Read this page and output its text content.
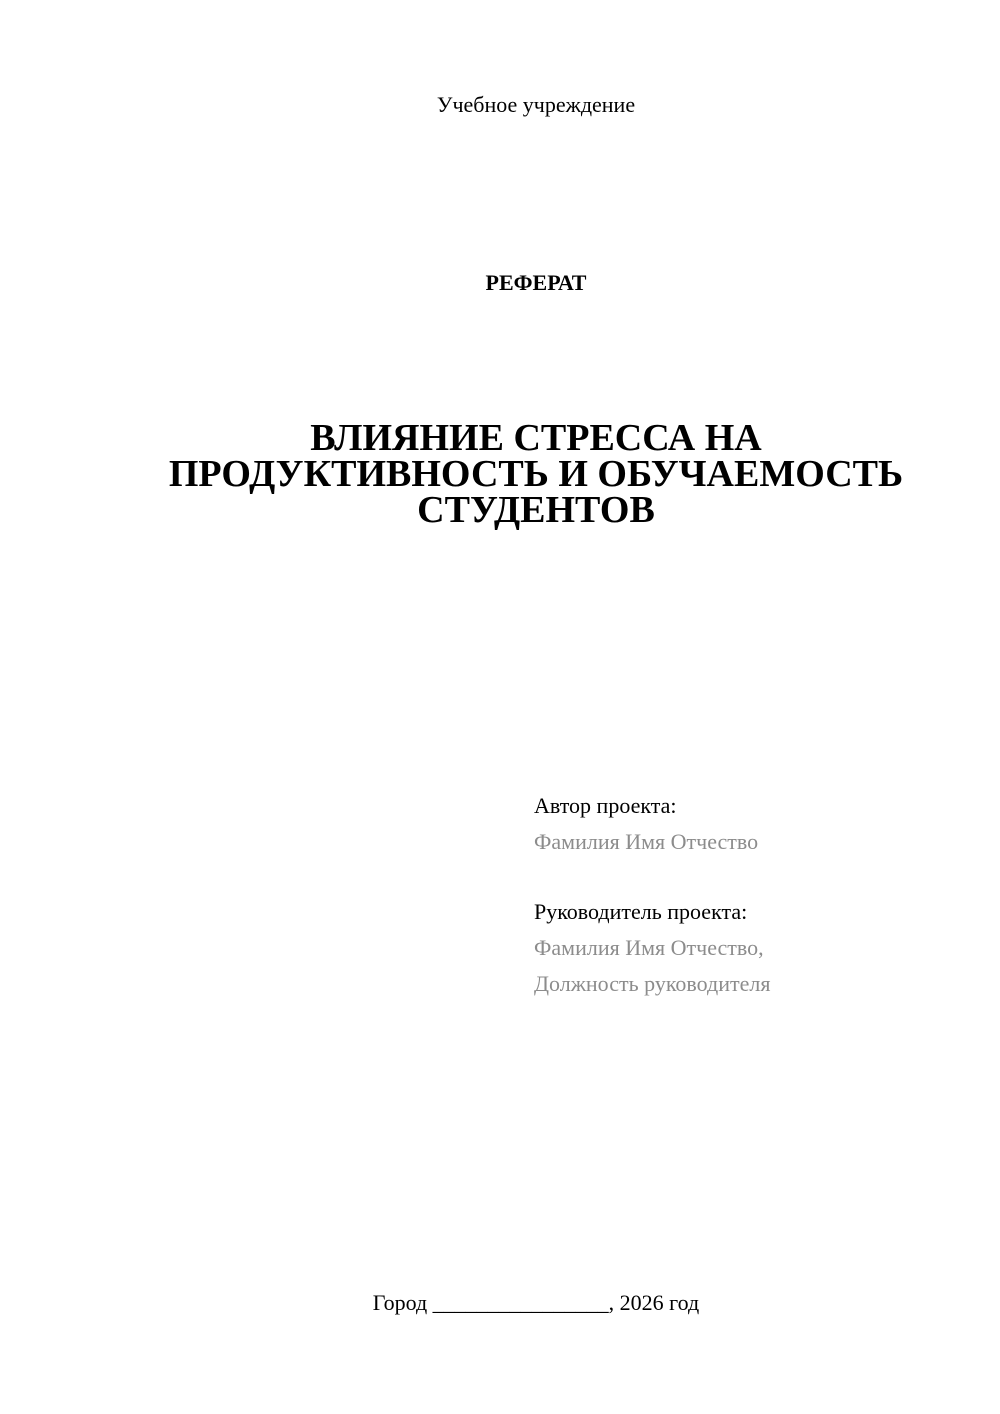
Учебное учреждение
РЕФЕРАТ
ВЛИЯНИЕ СТРЕССА НА
ПРОДУКТИВНОСТЬ И ОБУЧАЕМОСТЬ
СТУДЕНТОВ
Автор проекта:
Фамилия Имя Отчество
Руководитель проекта:
Фамилия Имя Отчество,
Должность руководителя
Город ________________, 2026 год
